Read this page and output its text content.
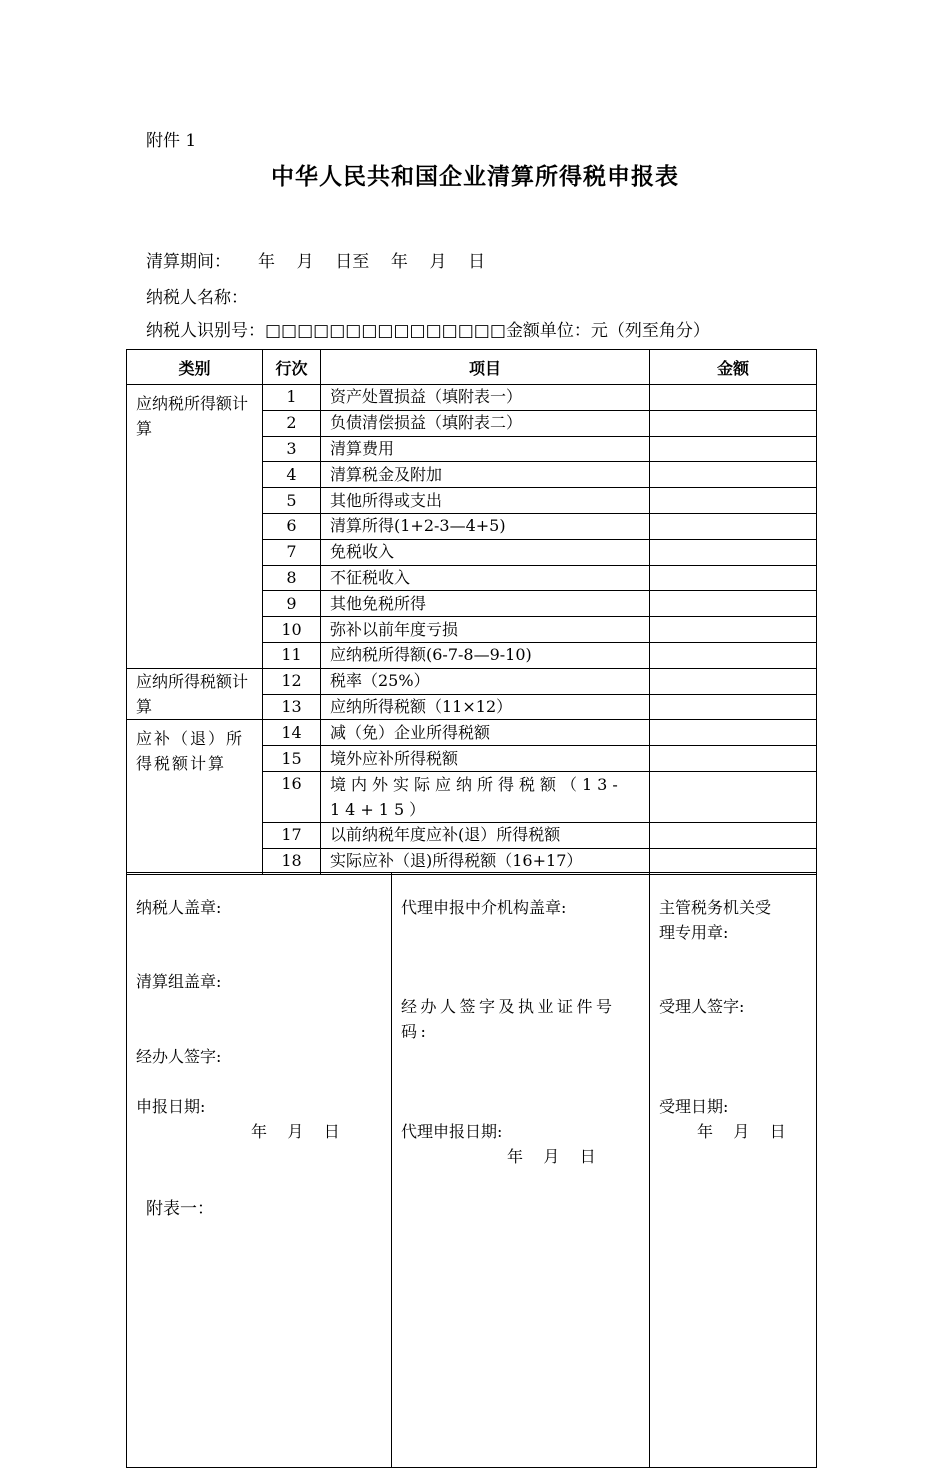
附件 1
中华人民共和国企业清算所得税申报表
清算期间： 年    月    日至    年    月    日
纳税人名称：
纳税人识别号：□□□□□□□□□□□□□□□金额单位：元（列至角分）
类别	行次	项目	金额
应纳税所得额计算	1	资产处置损益（填附表一）	
	2	负债清偿损益（填附表二）	
	3	清算费用	
	4	清算税金及附加	
	5	其他所得或支出	
	6	清算所得(1+2-3—4+5)	
	7	免税收入	
	8	不征税收入	
	9	其他免税所得	
	10	弥补以前年度亏损	
	11	应纳税所得额(6-7-8—9-10)	
应纳所得税额计算	12	税率（25%）	
	13	应纳所得税额（11×12）	
应补（退）所得税额计算	14	减（免）企业所得税额	
	15	境外应补所得税额	
	16	境内外实际应纳所得税额（13-14+15）	
	17	以前纳税年度应补(退）所得税额	
	18	实际应补（退)所得税额（16+17）	
纳税人盖章:
清算组盖章:
经办人签字:
申报日期:
年    月    日

代理申报中介机构盖章:
经办人签字及执业证件号码:
代理申报日期:
年    月    日

主管税务机关受理专用章:
受理人签字:
受理日期:
年    月    日
附表一：
